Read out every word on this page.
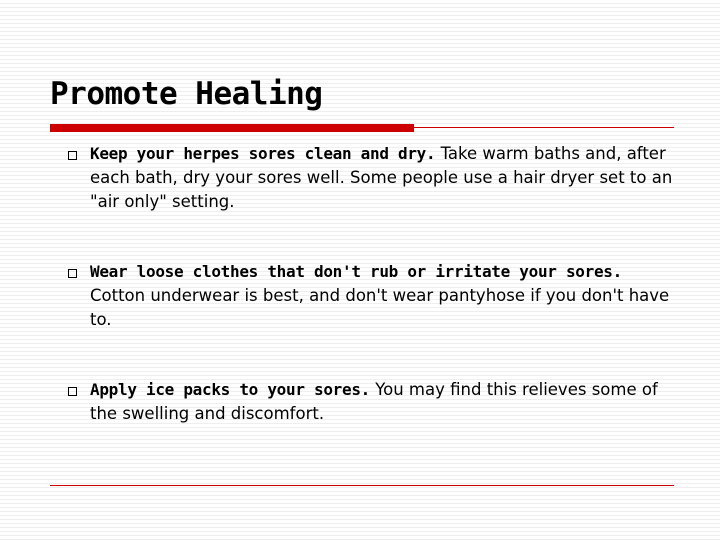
Promote Healing
Keep your herpes sores clean and dry. Take warm baths and, after each bath, dry your sores well. Some people use a hair dryer set to an "air only" setting.
Wear loose clothes that don't rub or irritate your sores. Cotton underwear is best, and don't wear pantyhose if you don't have to.
Apply ice packs to your sores. You may find this relieves some of the swelling and discomfort.
